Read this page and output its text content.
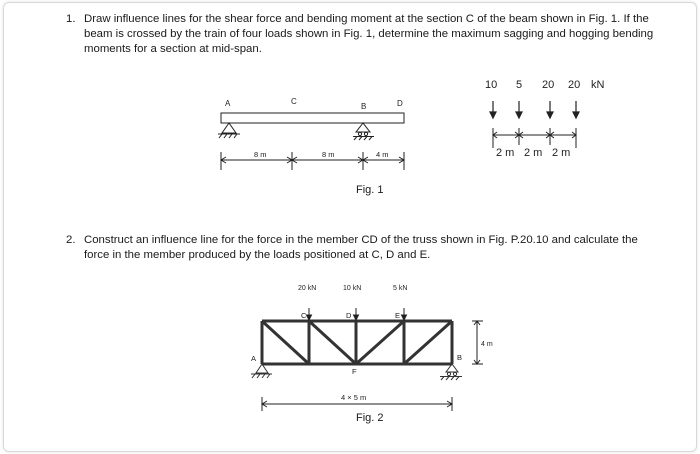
1. Draw influence lines for the shear force and bending moment at the section C of the beam shown in Fig. 1. If the beam is crossed by the train of four loads shown in Fig. 1, determine the maximum sagging and hogging bending moments for a section at mid-span.
A	C
B	D
8 m	8 m	4 m
10 5 20 20 kN
2 m 2 m 2 m
Fig. 1
2. Construct an influence line for the force in the member CD of the truss shown in Fig. P.20.10 and calculate the force in the member produced by the loads positioned at C, D and E.
20 kN	10 kN	5 kN
A
C	D	E
B
F
4 m
4 × 5 m
Fig. 2
